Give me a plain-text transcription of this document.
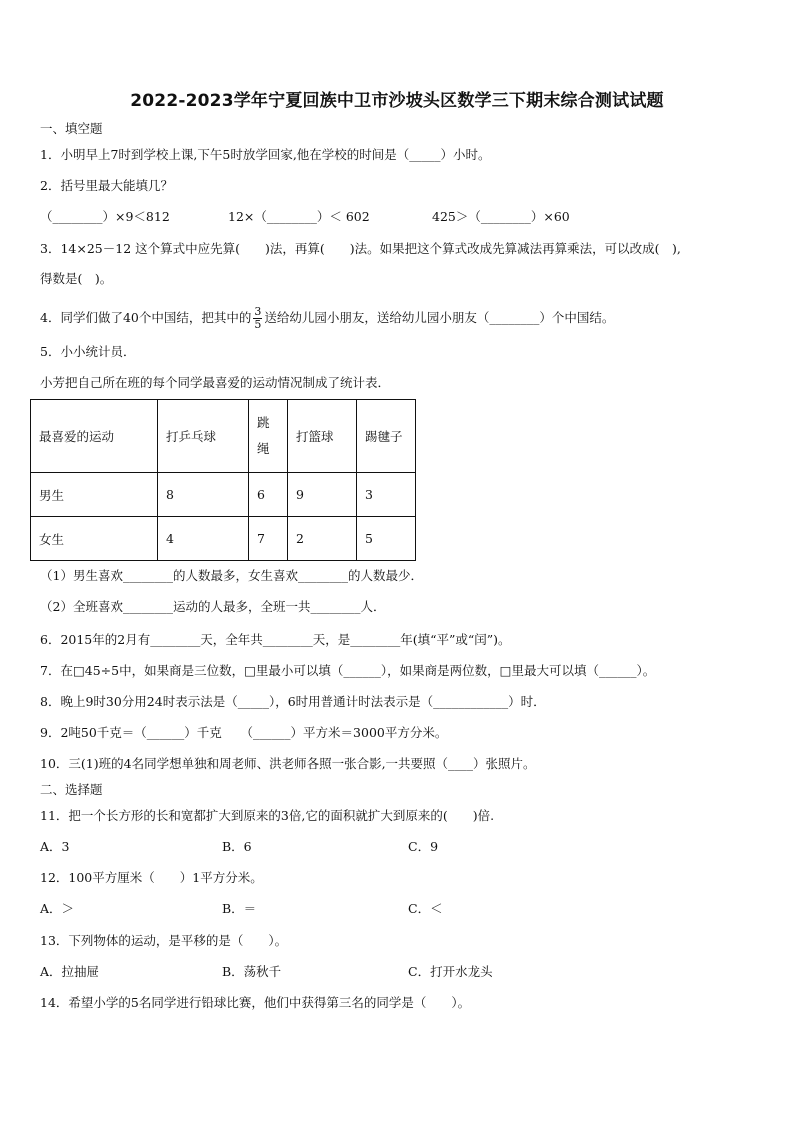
2022-2023学年宁夏回族中卫市沙坡头区数学三下期末综合测试试题
一、填空题
1．小明早上7时到学校上课,下午5时放学回家,他在学校的时间是（_____）小时。
2．括号里最大能填几？
（________）×9＜812	12×（________）＜ 602	425＞（________）×60
3．14×25－12 这个算式中应先算(　　)法，再算(　　)法。如果把这个算式改成先算减法再算乘法，可以改成(　),
得数是(　)。
4．同学们做了40个中国结，把其中的 $\frac{3}{5}$ 送给幼儿园小朋友，送给幼儿园小朋友（________）个中国结。
5．小小统计员．
小芳把自己所在班的每个同学最喜爱的运动情况制成了统计表．
最喜爱的运动	打乒乓球	跳绳	打篮球	踢毽子
男生	8	6	9	3
女生	4	7	2	5
（1）男生喜欢________的人数最多，女生喜欢________的人数最少．
（2）全班喜欢________运动的人最多，全班一共________人．
6．2015年的2月有________天，全年共________天，是________年(填“平”或“闰”)。
7．在□45÷5中，如果商是三位数，□里最小可以填（______），如果商是两位数，□里最大可以填（______）。
8．晚上9时30分用24时表示法是（_____），6时用普通计时法表示是（____________）时．
9．2吨50千克＝（______）千克　　（______）平方米＝3000平方分米。
10．三(1)班的4名同学想单独和周老师、洪老师各照一张合影,一共要照（____）张照片。
二、选择题
11．把一个长方形的长和宽都扩大到原来的3倍,它的面积就扩大到原来的(　　)倍.
A．3	B．6	C．9
12．100平方厘米（　　）1平方分米。
A．＞	B．＝	C．＜
13．下列物体的运动，是平移的是（　　）。
A．拉抽屉	B．荡秋千	C．打开水龙头
14．希望小学的5名同学进行铅球比赛，他们中获得第三名的同学是（　　）。
